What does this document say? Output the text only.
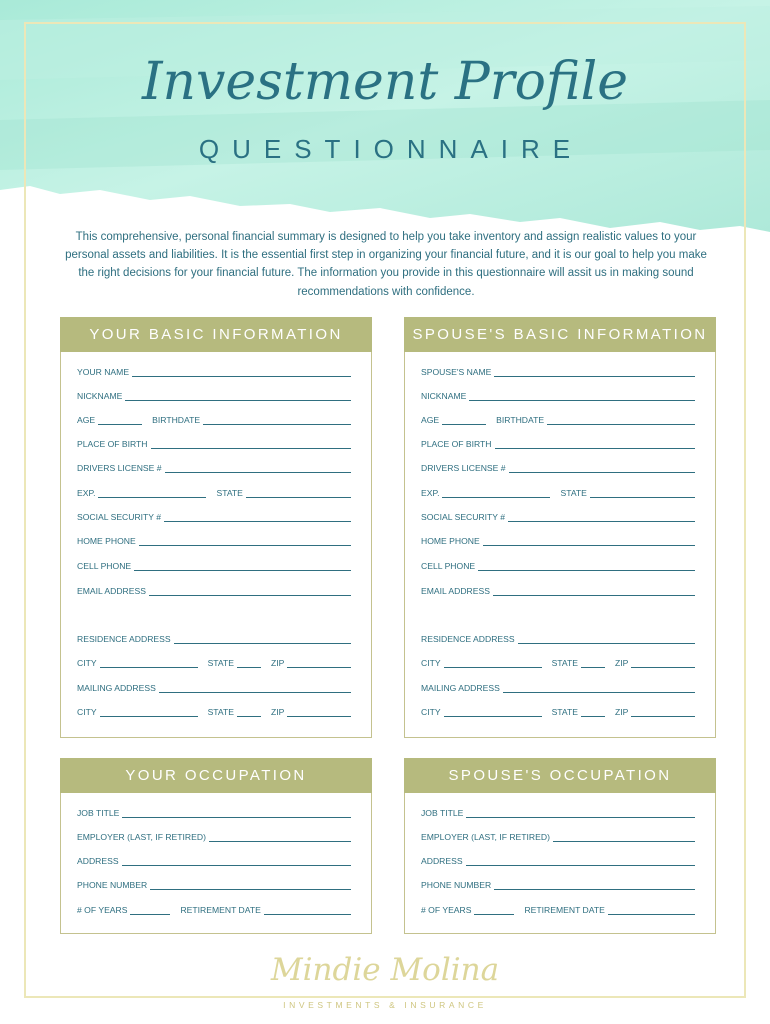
Investment Profile
QUESTIONNAIRE
This comprehensive, personal financial summary is designed to help you take inventory and assign realistic values to your personal assets and liabilities. It is the essential first step in organizing your financial future, and it is our goal to help you make the right decisions for your financial future. The information you provide in this questionnaire will assit us in making sound recommendations with confidence.
YOUR BASIC INFORMATION
YOUR NAME
NICKNAME
AGE	BIRTHDATE
PLACE OF BIRTH
DRIVERS LICENSE #
EXP.	STATE
SOCIAL SECURITY #
HOME PHONE
CELL PHONE
EMAIL ADDRESS
RESIDENCE ADDRESS
CITY	STATE	ZIP
MAILING ADDRESS
CITY	STATE	ZIP
SPOUSE'S BASIC INFORMATION
SPOUSE'S NAME
NICKNAME
AGE	BIRTHDATE
PLACE OF BIRTH
DRIVERS LICENSE #
EXP.	STATE
SOCIAL SECURITY #
HOME PHONE
CELL PHONE
EMAIL ADDRESS
RESIDENCE ADDRESS
CITY	STATE	ZIP
MAILING ADDRESS
CITY	STATE	ZIP
YOUR OCCUPATION
JOB TITLE
EMPLOYER (LAST, IF RETIRED)
ADDRESS
PHONE NUMBER
# OF YEARS	RETIREMENT DATE
SPOUSE'S OCCUPATION
JOB TITLE
EMPLOYER (LAST, IF RETIRED)
ADDRESS
PHONE NUMBER
# OF YEARS	RETIREMENT DATE
Mindie Molina
INVESTMENTS & INSURANCE
